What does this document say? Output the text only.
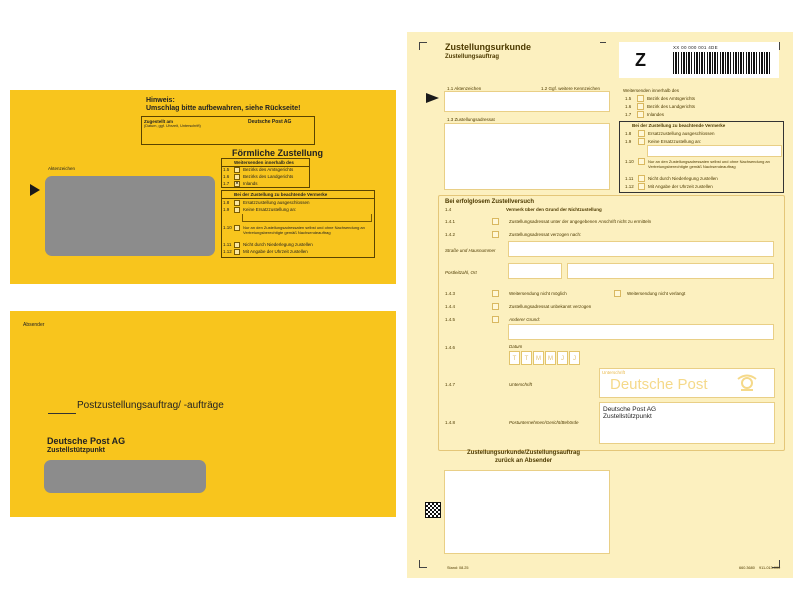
Hinweis:
Umschlag bitte aufbewahren, siehe Rückseite!
Zugestellt am
(Datum, ggf. Uhrzeit, Unterschrift)
Deutsche Post AG
Aktenzeichen
Förmliche Zustellung
Weitersenden innerhalb des
1.5	Bezirks des Amtsgerichts
1.6	Bezirks des Landgerichts
1.7 × Inlands
Bei der Zustellung zu beachtende Vermerke
1.8	Ersatzzustellung ausgeschlossen
1.9	Keine Ersatzzustellung an:
1.10	Nur an den Zustellungsadressaten selbst und ohne Nachsendung an Vertretungsberechtigte gemäß Nachsendeauftrag
1.11	Nicht durch Niederlegung zustellen
1.12 Mit Angabe der Uhrzeit zustellen
Absender
Postzustellungsauftrag/ -aufträge
Deutsche Post AG
Zustellstützpunkt
Zustellungsurkunde
Zustellungsauftrag	Z
XX 00 000 001 4DE
1.1 Aktenzeichen	1.2 Ggf. weitere Kennzeichen
1.3 Zustellungsadressat
Weitersenden innerhalb des
1.5	Bezirk des Amtsgerichts
1.6	Bezirk des Landgerichts
1.7	Inlandes
Bei der Zustellung zu beachtende Vermerke
1.8	Ersatzzustellung ausgeschlossen
1.9	Keine Ersatzzustellung an:
1.10	Nur an den Zustellungsadressaten selbst und ohne Nachsendung an Vertretungsberechtigte gemäß Nachsendeauftrag
1.11	Nicht durch Niederlegung zustellen
1.12	Mit Angabe der Uhrzeit zustellen
Bei erfolglosem Zustellversuch
1.4	Vermerk über den Grund der Nichtzustellung
1.4.1	Zustellungsadressat unter der angegebenen Anschrift nicht zu ermitteln
1.4.2	Zustellungsadressat verzogen nach:
Straße und Hausnummer
Postleitzahl, Ort
1.4.3	Weitersendung nicht möglich	Weitersendung nicht verlangt
1.4.4	Zustellungsadressat unbekannt verzogen
1.4.5	Anderer Grund:
1.4.6	Datum
T	T	M	M	J	J
1.4.7	Unterschrift
Unterschrift
Deutsche Post
1.4.8	Postunternehmen/Gericht/Behörde
Deutsche Post AG
Zustellstützpunkt
Zustellungsurkunde/Zustellungsauftrag
zurück an Absender
Stand: 08.25	660.3680 911-013-000
